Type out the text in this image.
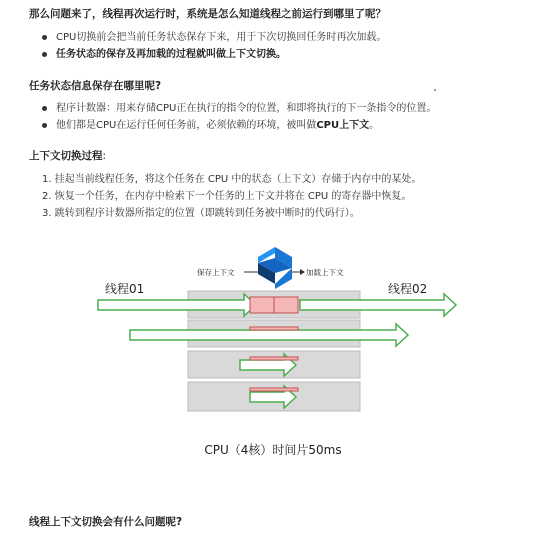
那么问题来了，线程再次运行时，系统是怎么知道线程之前运行到哪里了呢？
CPU切换前会把当前任务状态保存下来，用于下次切换回任务时再次加载。
任务状态的保存及再加载的过程就叫做上下文切换。
任务状态信息保存在哪里呢?
程序计数器：用来存储CPU正在执行的指令的位置，和即将执行的下一条指令的位置。
他们都是CPU在运行任何任务前，必须依赖的环境，被叫做CPU上下文。
上下文切换过程:
1. 挂起当前线程任务，将这个任务在 CPU 中的状态（上下文）存储于内存中的某处。
2. 恢复一个任务，在内存中检索下一个任务的上下文并将在 CPU 的寄存器中恢复。
3. 跳转到程序计数器所指定的位置（即跳转到任务被中断时的代码行）。
保存上下文	加载上下文
线程01	线程02
CPU（4核）时间片50ms
线程上下文切换会有什么问题呢?
